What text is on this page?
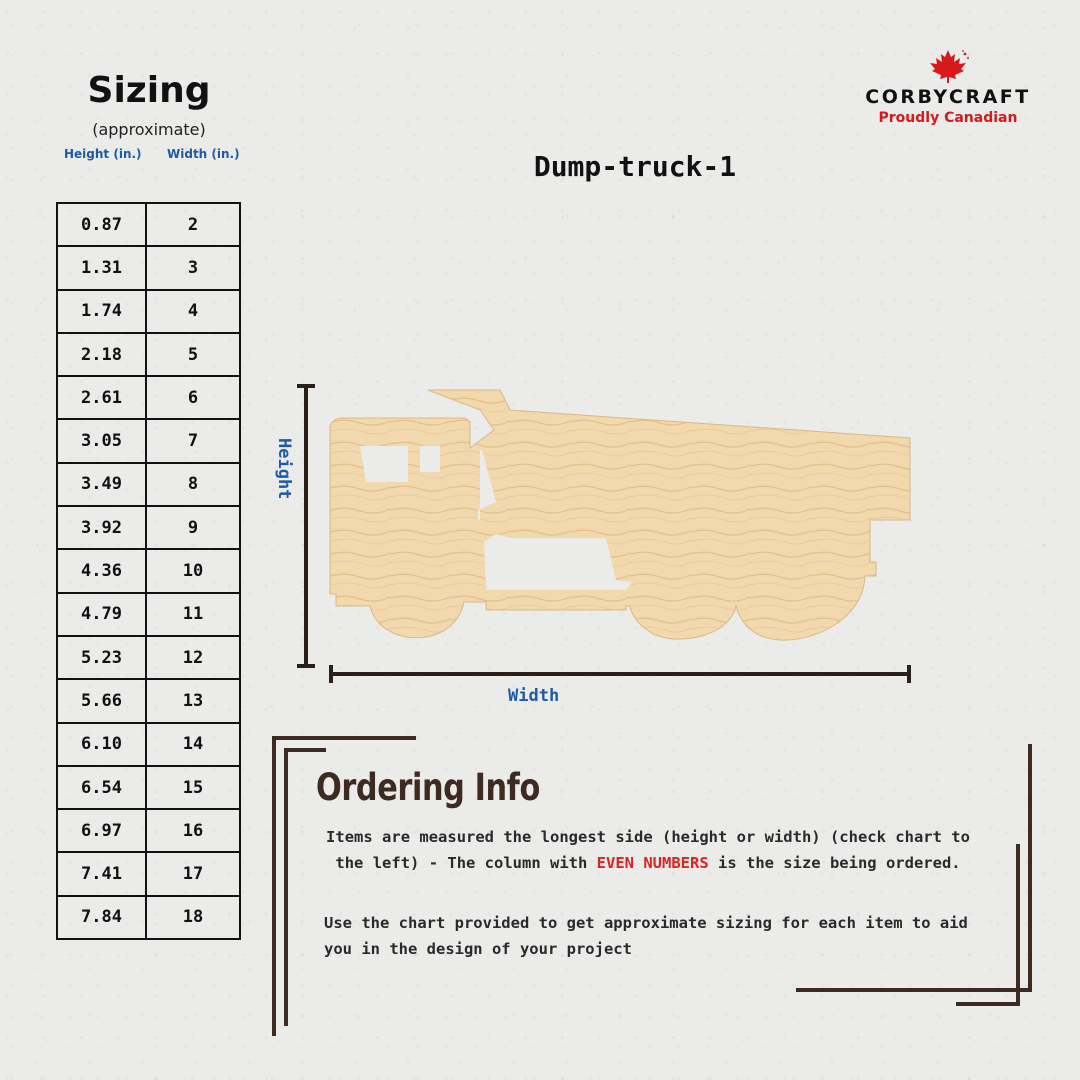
Sizing
(approximate)
Height (in.) Width (in.)
0.87	2
1.31	3
1.74	4
2.18	5
2.61	6
3.05	7
3.49	8
3.92	9
4.36	10
4.79	11
5.23	12
5.66	13
6.10	14
6.54	15
6.97	16
7.41	17
7.84	18
CORBYCRAFT
Proudly Canadian
Dump-truck-1
Height
Width
Ordering Info
Items are measured the longest side (height or width) (check chart to the left) - The column with EVEN NUMBERS is the size being ordered.
Use the chart provided to get approximate sizing for each item to aid you in the design of your project
